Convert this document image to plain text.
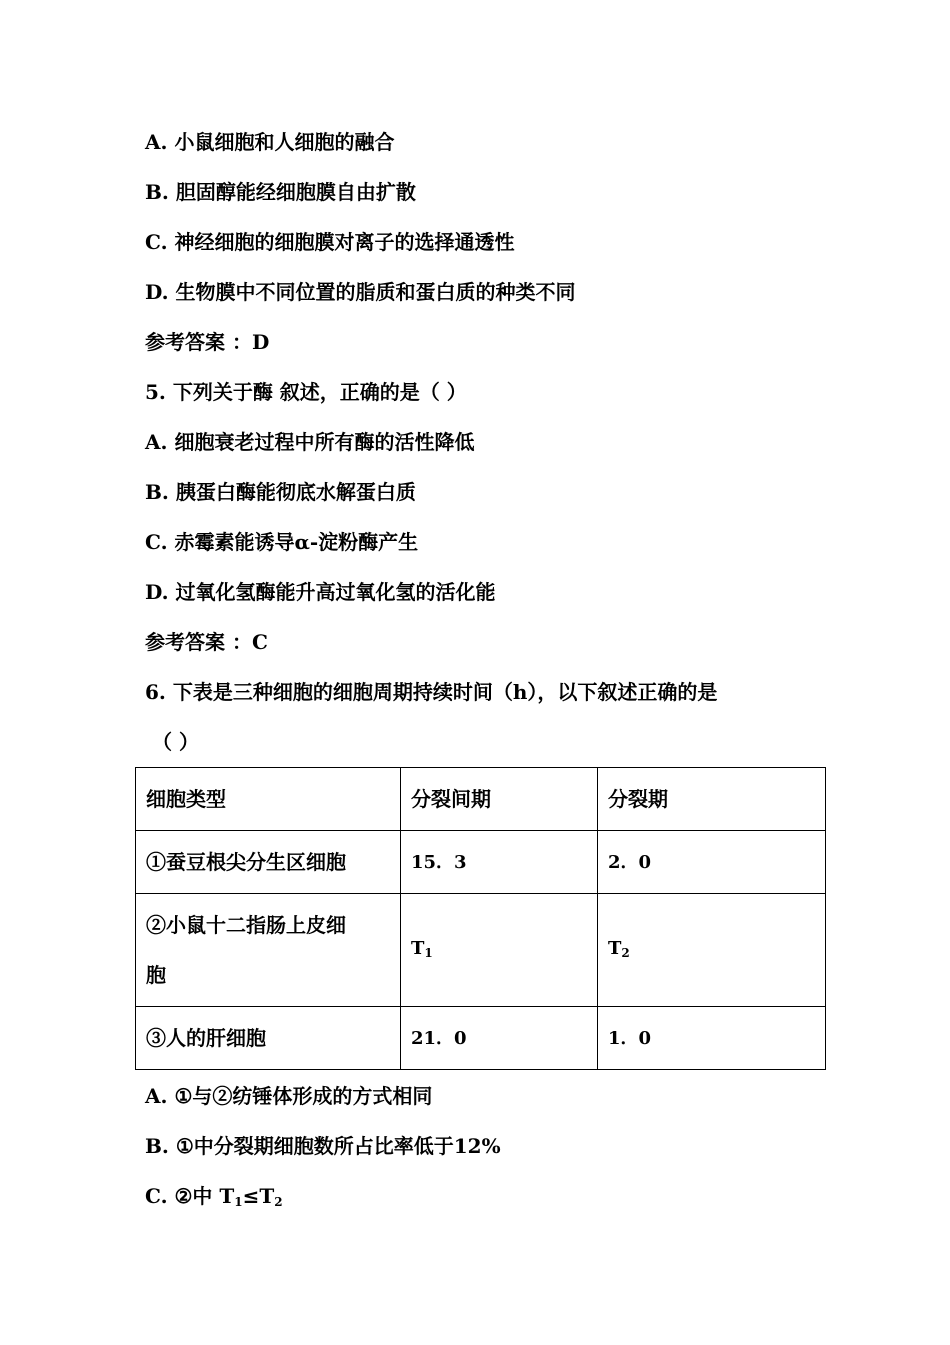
A. 小鼠细胞和人细胞的融合
B. 胆固醇能经细胞膜自由扩散
C. 神经细胞的细胞膜对离子的选择通透性
D. 生物膜中不同位置的脂质和蛋白质的种类不同
参考答案 ：D
5. 下列关于酶 叙述，正确的是（ ）
A. 细胞衰老过程中所有酶的活性降低
B. 胰蛋白酶能彻底水解蛋白质
C. 赤霉素能诱导α-淀粉酶产生
D. 过氧化氢酶能升高过氧化氢的活化能
参考答案 ：C
6. 下表是三种细胞的细胞周期持续时间（h），以下叙述正确的是
（ ）
细胞类型	分裂间期	分裂期
①蚕豆根尖分生区细胞	15．3	2．0
②小鼠十二指肠上皮细
胞	$T_1$	$T_2$
③人的肝细胞	21．0	1．0
A. ①与②纺锤体形成的方式相同
B. ①中分裂期细胞数所占比率低于12%
C. ②中 $T_1\le T_2$
